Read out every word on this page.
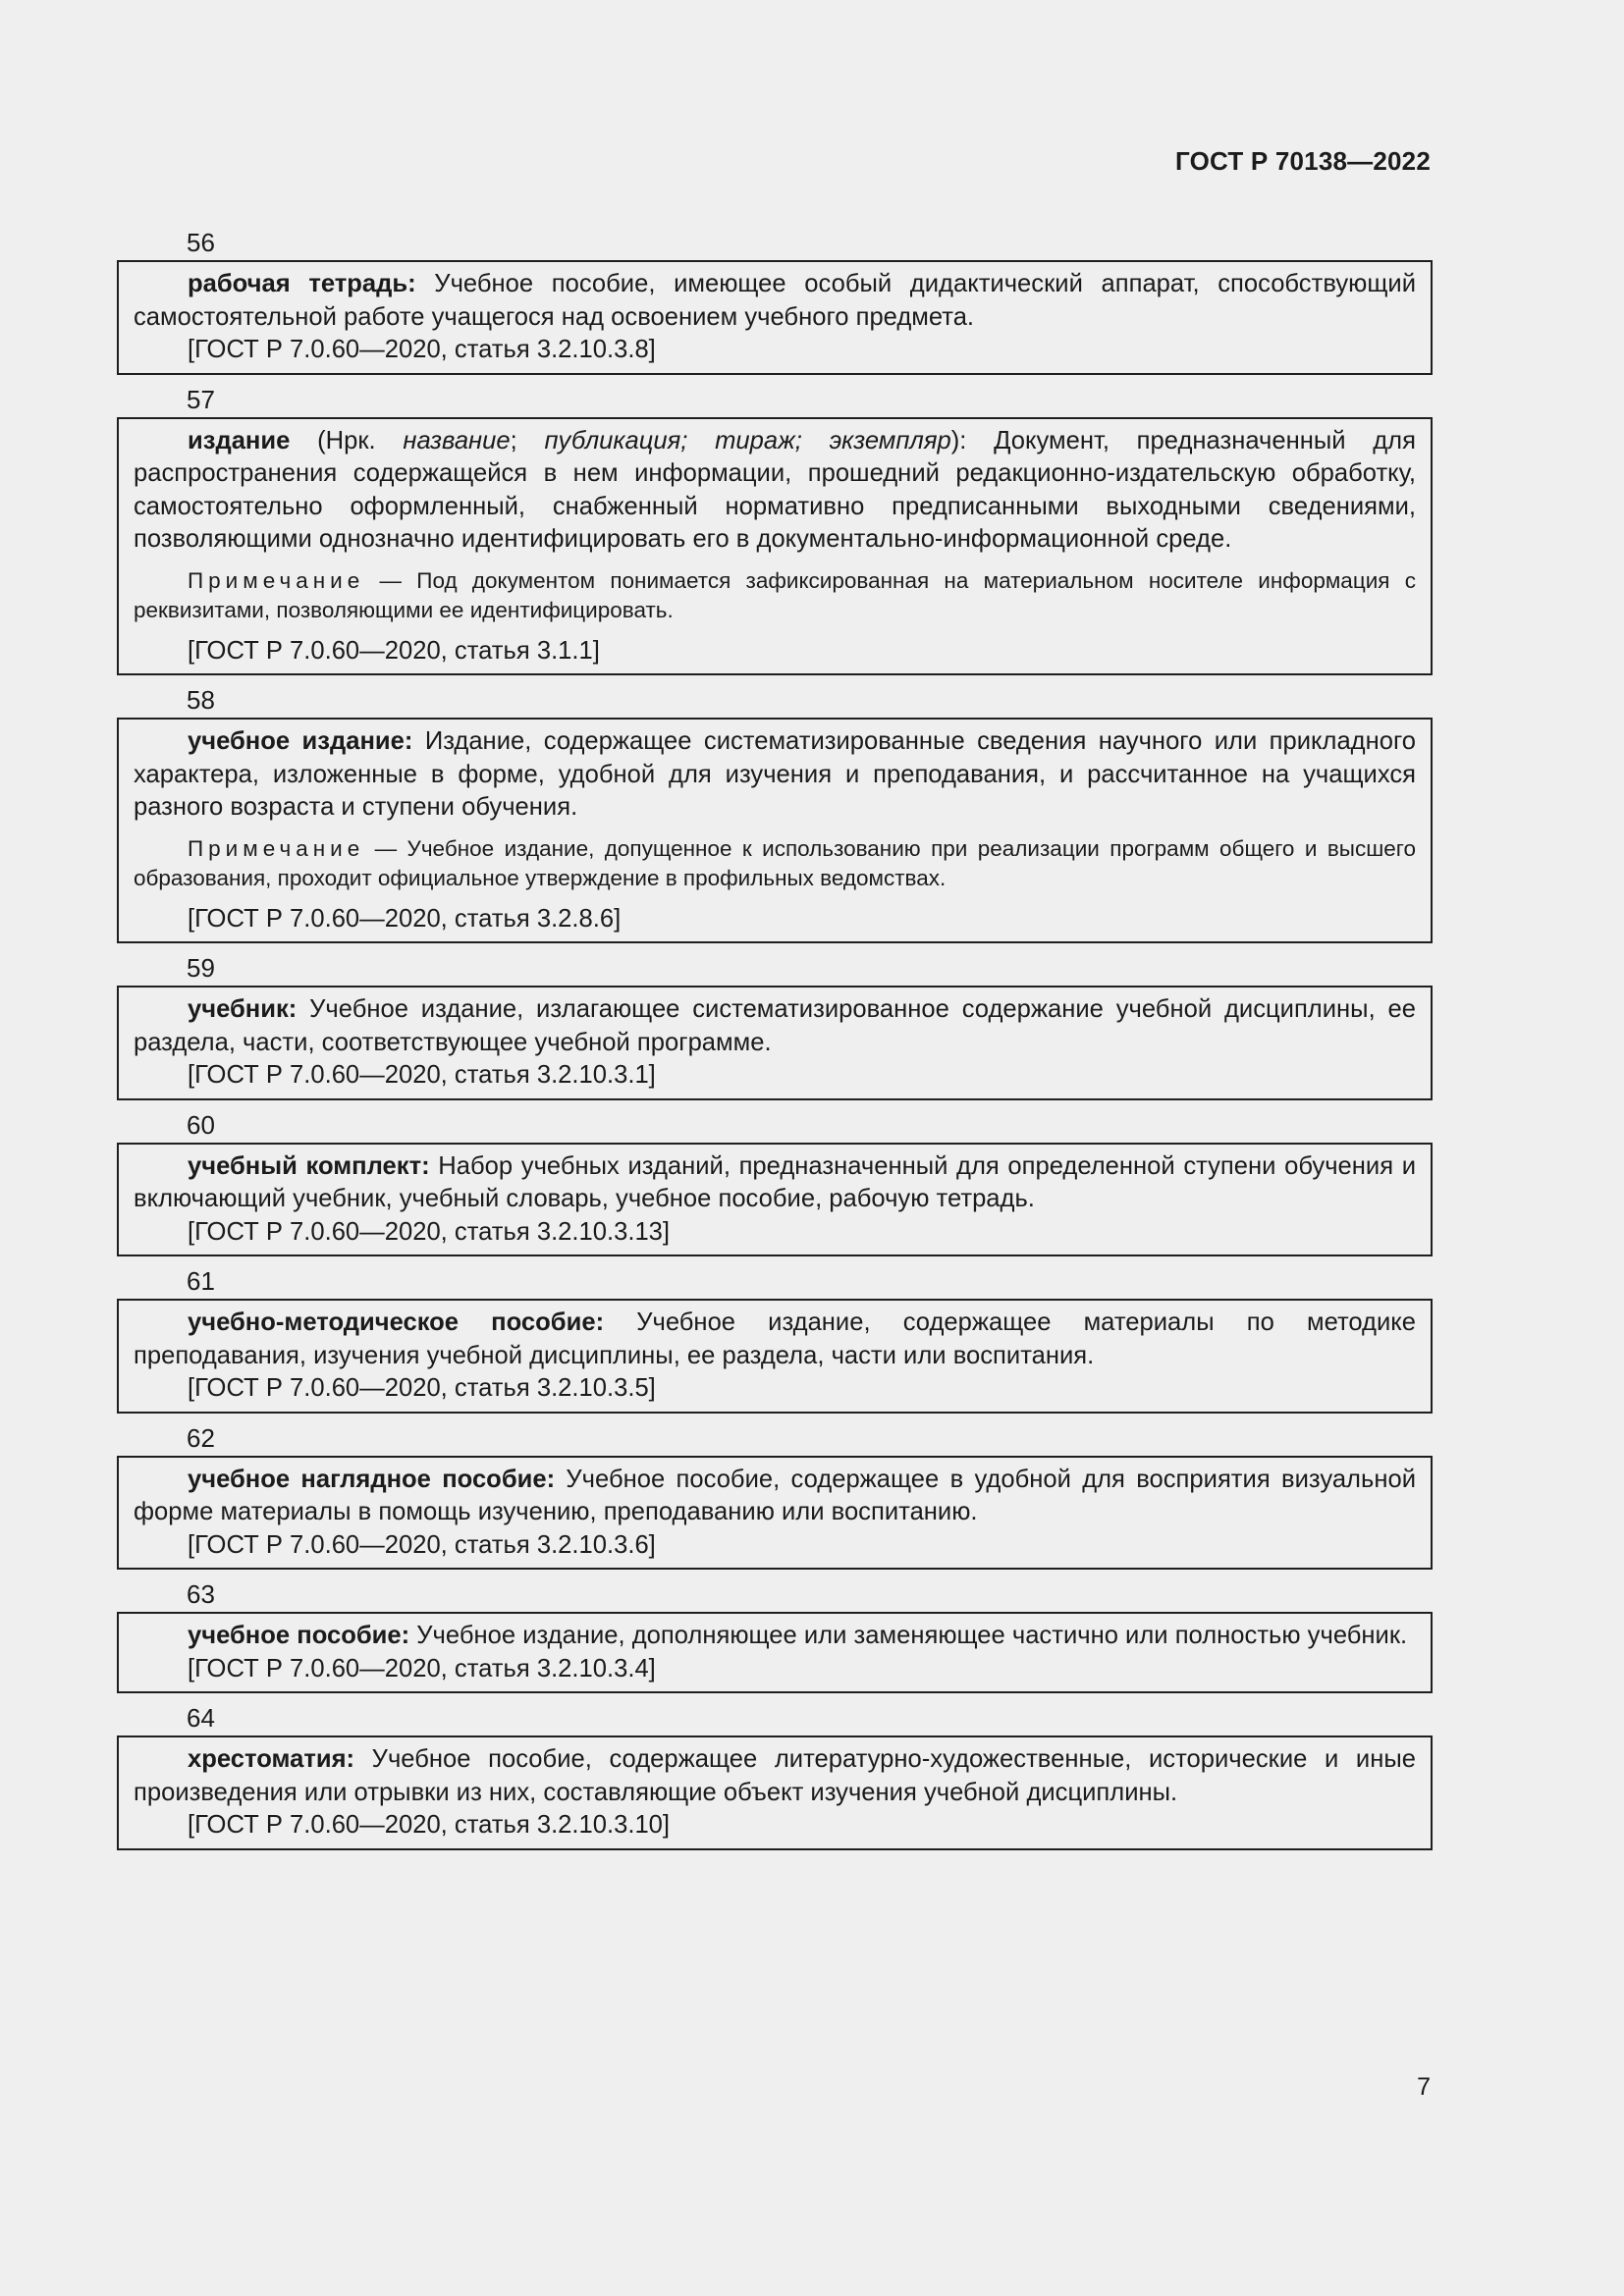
ГОСТ Р 70138—2022
56
рабочая тетрадь: Учебное пособие, имеющее особый дидактический аппарат, способствующий самостоятельной работе учащегося над освоением учебного предмета.
[ГОСТ Р 7.0.60—2020, статья 3.2.10.3.8]
57
издание (Нрк. название; публикация; тираж; экземпляр): Документ, предназначенный для распространения содержащейся в нем информации, прошедний редакционно-издательскую обработку, самостоятельно оформленный, снабженный нормативно предписанными выходными сведениями, позволяющими однозначно идентифицировать его в документально-информационной среде.
Примечание — Под документом понимается зафиксированная на материальном носителе информация с реквизитами, позволяющими ее идентифицировать.
[ГОСТ Р 7.0.60—2020, статья 3.1.1]
58
учебное издание: Издание, содержащее систематизированные сведения научного или прикладного характера, изложенные в форме, удобной для изучения и преподавания, и рассчитанное на учащихся разного возраста и ступени обучения.
Примечание — Учебное издание, допущенное к использованию при реализации программ общего и высшего образования, проходит официальное утверждение в профильных ведомствах.
[ГОСТ Р 7.0.60—2020, статья 3.2.8.6]
59
учебник: Учебное издание, излагающее систематизированное содержание учебной дисциплины, ее раздела, части, соответствующее учебной программе.
[ГОСТ Р 7.0.60—2020, статья 3.2.10.3.1]
60
учебный комплект: Набор учебных изданий, предназначенный для определенной ступени обучения и включающий учебник, учебный словарь, учебное пособие, рабочую тетрадь.
[ГОСТ Р 7.0.60—2020, статья 3.2.10.3.13]
61
учебно-методическое пособие: Учебное издание, содержащее материалы по методике преподавания, изучения учебной дисциплины, ее раздела, части или воспитания.
[ГОСТ Р 7.0.60—2020, статья 3.2.10.3.5]
62
учебное наглядное пособие: Учебное пособие, содержащее в удобной для восприятия визуальной форме материалы в помощь изучению, преподаванию или воспитанию.
[ГОСТ Р 7.0.60—2020, статья 3.2.10.3.6]
63
учебное пособие: Учебное издание, дополняющее или заменяющее частично или полностью учебник.
[ГОСТ Р 7.0.60—2020, статья 3.2.10.3.4]
64
хрестоматия: Учебное пособие, содержащее литературно-художественные, исторические и иные произведения или отрывки из них, составляющие объект изучения учебной дисциплины.
[ГОСТ Р 7.0.60—2020, статья 3.2.10.3.10]
7
